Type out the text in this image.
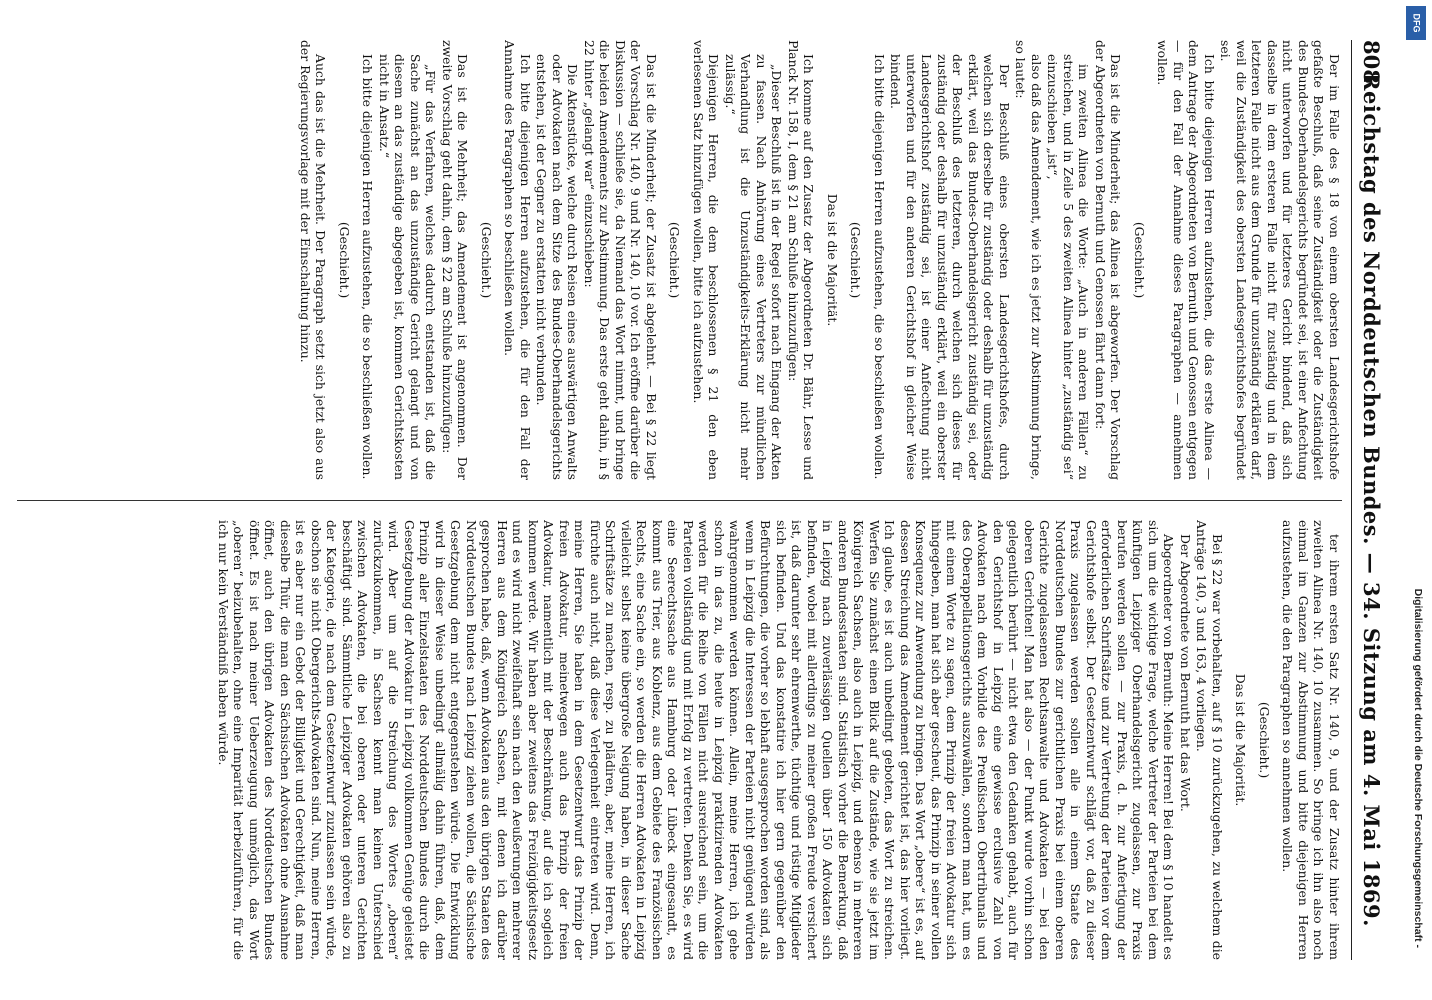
808
Reichstag des Norddeutschen Bundes. — 34. Sitzung am 4. Mai 1869.

Der im Falle des § 18 von einem obersten Landesgerichtshofe gefaßte Beschluß, daß seine Zuständigkeit oder die Zuständigkeit des Bundes-Oberhandelsgerichts begründet sei, ist einer Anfechtung nicht unterworfen und für letzteres Gericht bindend, daß sich dasselbe in dem ersteren Falle nicht für zuständig und in dem letzteren Falle nicht aus dem Grunde für unzuständig erklären darf, weil die Zuständigkeit des obersten Landesgerichtshofes begründet sei.

Ich bitte diejenigen Herren aufzustehen, die das erste Alinea — dem Antrage der Abgeordneten von Bernuth und Genossen entgegen — für den Fall der Annahme dieses Paragraphen — annehmen wollen.

(Geschieht.)

Das ist die Minderheit; das Alinea ist abgeworfen. Der Vorschlag der Abgeordneten von Bernuth und Genossen fährt dann fort:

im zweiten Alinea die Worte: „Auch in anderen Fällen“ zu streichen, und in Zeile 5 des zweiten Alinea hinter „zuständig sei“ einzuschieben „ist“,

also daß das Amendement, wie ich es jetzt zur Abstimmung bringe, so lautet:

Der Beschluß eines obersten Landesgerichtshofes, durch welchen sich derselbe für zuständig oder deshalb für unzuständig erklärt, weil das Bundes-Oberhandelsgericht zuständig sei, oder der Beschluß des letzteren, durch welchen sich dieses für zuständig oder deshalb für unzuständig erklärt, weil ein oberster Landesgerichtshof zuständig sei, ist einer Anfechtung nicht unterworfen und für den anderen Gerichtshof in gleicher Weise bindend.

Ich bitte diejenigen Herren aufzustehen, die so beschließen wollen.

(Geschieht.)

Das ist die Majorität.

Ich komme auf den Zusatz der Abgeordneten Dr. Bähr, Lesse und Planck Nr. 158, I, dem § 21 am Schluße hinzuzufügen:

„Dieser Beschluß ist in der Regel sofort nach Eingang der Akten zu fassen. Nach Anhörung eines Vertreters zur mündlichen Verhandlung ist die Unzuständigkeits-Erklärung nicht mehr zulässig.“

Diejenigen Herren, die dem beschlossenen § 21 den eben verlesenen Satz hinzufügen wollen, bitte ich aufzustehen.

(Geschieht.)

Das ist die Minderheit; der Zusatz ist abgelehnt. — Bei § 22 liegt der Vorschlag Nr. 140, 9 und Nr. 140, 10 vor. Ich eröffne darüber die Diskussion — schließe sie, da Niemand das Wort nimmt, und bringe die beiden Amendements zur Abstimmung. Das erste geht dahin, in § 22 hinter „gelangt war“ einzuschieben:

Die Aktenstücke, welche durch Reisen eines auswärtigen Anwalts oder Advokaten nach dem Sitze des Bundes-Oberhandelsgerichts entstehen, ist der Gegner zu erstatten nicht verbunden.

Ich bitte diejenigen Herren aufzustehen, die für den Fall der Annahme des Paragraphen so beschließen wollen.

(Geschieht.)

Das ist die Mehrheit; das Amendement ist angenommen. Der zweite Vorschlag geht dahin, dem § 22 am Schluße hinzuzufügen:

„Für das Verfahren, welches dadurch entstanden ist, daß die Sache zunächst an das unzuständige Gericht gelangt und von diesem an das zuständige abgegeben ist, kommen Gerichtskosten nicht in Ansatz.“

Ich bitte diejenigen Herren aufzustehen, die so beschließen wollen.

(Geschieht.)

Auch das ist die Mehrheit. Der Paragraph setzt sich jetzt also aus der Regierungsvorlage mit der Einschaltung hinzu.

ter ihrem ersten Satz Nr. 140, 9, und der Zusatz hinter ihrem zweiten Alinea Nr. 140, 10 zusammen. So bringe ich ihn also noch einmal im Ganzen zur Abstimmung und bitte diejenigen Herren aufzustehen, die den Paragraphen so annehmen wollen.

(Geschieht.)

Das ist die Majorität.

Bei § 22 war vorbehalten, auf § 10 zurückzugehen, zu welchem die Anträge 140, 3 und 163, 4 vorliegen.

Der Abgeordnete von Bernuth hat das Wort.

Abgeordneter von Bernuth: Meine Herren! Bei dem § 10 handelt es sich um die wichtige Frage, welche Vertreter der Parteien bei dem künftigen Leipziger Oberhandelsgericht zugelassen, zur Praxis berufen werden sollen — zur Praxis, d. h. zur Anfertigung der erforderlichen Schriftsätze und zur Vertretung der Parteien vor dem Gerichtshofe selbst. Der Gesetzentwurf schlägt vor, daß zu dieser Praxis zugelassen werden sollen alle in einem Staate des Norddeutschen Bundes zur gerichtlichen Praxis bei einem oberen Gerichte zugelassenen Rechtsanwalte und Advokaten — bei den oberen Gerichten! Man hat also — der Punkt wurde vorhin schon gelegentlich berührt — nicht etwa den Gedanken gehabt, auch für den Gerichtshof in Leipzig eine gewisse erclusive Zahl von Advokaten nach dem Vorbilde des Preußischen Obertribunals und des Oberappellationsgerichts auszuwählen, sondern man hat, um es mit einem Worte zu sagen, dem Prinzip der freien Advokatur sich hingegeben, man hat sich aber gescheut, das Prinzip in seiner vollen Konsequenz zur Anwendung zu bringen. Das Wort „obere“ ist es, auf dessen Streichung das Amendement gerichtet ist, das hier vorliegt. Ich glaube, es ist auch unbedingt geboten, das Wort zu streichen. Werfen Sie zunächst einen Blick auf die Zustände, wie sie jetzt im Königreich Sachsen, also auch in Leipzig, und ebenso in mehreren anderen Bundesstaaten sind. Statistisch vorher die Bemerkung, daß in Leipzig nach zuverlässigen Quellen über 150 Advokaten sich befinden, wobei mit allerdings zu meiner großen Freude versichert ist, daß darunter sehr ehrenwerthe, tüchtige und rüstige Mitglieder sich befinden. Und das konstatire ich hier gern gegenüber den Befürchtungen, die vorher so lebhaft ausgesprochen worden sind, als wenn in Leipzig die Interessen der Parteien nicht genügend würden wahrgenommen werden können. Allein, meine Herren, ich gehe schon in das zu, die heute in Leipzig praktizirenden Advokaten werden für die Reihe von Fällen nicht ausreichend sein, um die Parteien vollständig und mit Erfolg zu vertreten. Denken Sie, es wird eine Seerechtssache aus Hamburg oder Lübeck eingesandt, es kommt aus Trier, aus Koblenz, aus dem Gebiete des Französischen Rechts, eine Sache ein, so werden die Herren Advokaten in Leipzig vielleicht selbst keine übergroße Neigung haben, in dieser Sache Schriftsätze zu machen, resp. zu plädiren, aber, meine Herren, ich fürchte auch nicht, daß diese Verlegenheit eintreten wird. Denn, meine Herren, Sie haben in dem Gesetzentwurf das Prinzip der freien Advokatur, meinetwegen auch das Prinzip der freien Advokatur, namentlich mit der Beschränkung, auf die ich sogleich kommen werde. Wir haben aber zweitens das Freizügigkeitsgesetz und es wird nicht zweifelhaft sein nach den Aeußerungen mehrerer Herren aus dem Königreich Sachsen, mit denen ich darüber gesprochen habe, daß, wenn Advokaten aus den übrigen Staaten des Norddeutschen Bundes nach Leipzig ziehen wollen, die Sächsische Gesetzgebung dem nicht entgegenstehen würde. Die Entwicklung wird in dieser Weise unbedingt allmälig dahin führen, daß, dem Prinzip aller Einzelstaaten des Norddeutschen Bundes durch die Gesetzgebung der Advokatur in Leipzig vollkommen Genüge geleistet wird. Aber um auf die Streichung des Wortes „oberen“ zurückzukommen, in Sachsen kennt man keinen Unterschied zwischen Advokaten, die bei oberen oder unteren Gerichten beschäftigt sind. Sämmtliche Leipziger Advokaten gehören also zu der Kategorie, die nach dem Gesetzentwurf zuzulassen sein würde, obschon sie nicht Obergerichts-Advokaten sind. Nun, meine Herren, ist es aber nur ein Gebot der Billigkeit und Gerechtigkeit, daß man dieselbe Thür, die man den Sächsischen Advokaten ohne Ausnahme öffnet, auch den übrigen Advokaten des Norddeutschen Bundes öffnet. Es ist nach meiner Ueberzeugung unmöglich, das Wort „oberen“ beizubehalten, ohne eine Imparität herbeizuführen, für die ich nur kein Verständniß haben würde.	Digitalisierung gefördert durch die Deutsche Forschungsgemeinschaft -
DFG
